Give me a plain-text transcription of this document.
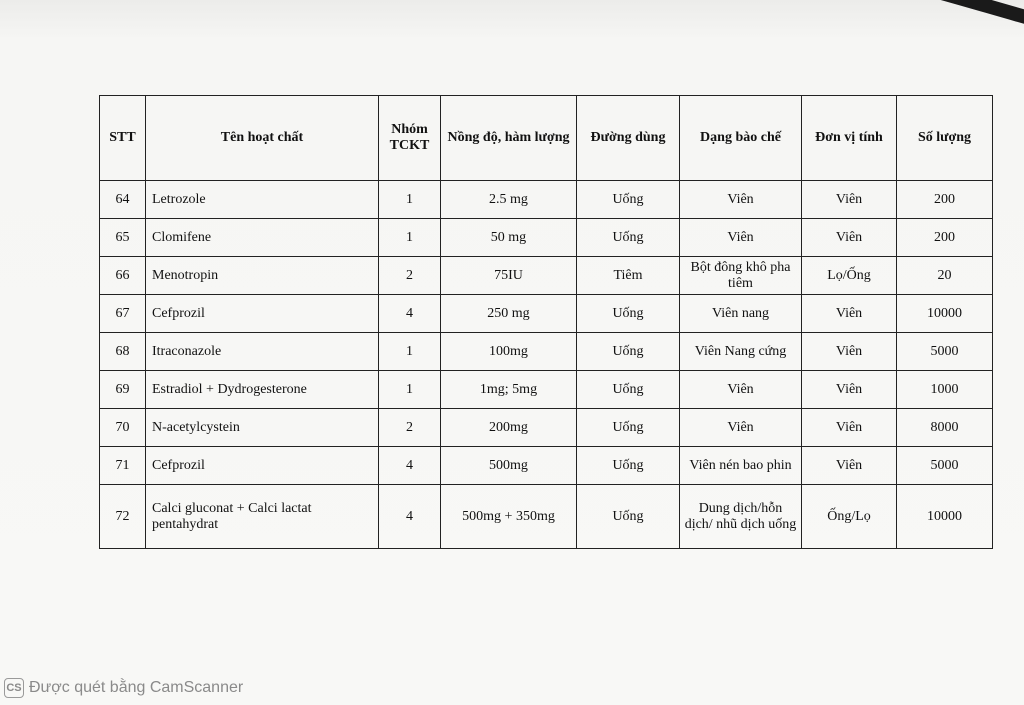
STT	Tên hoạt chất	Nhóm TCKT	Nồng độ, hàm lượng	Đường dùng	Dạng bào chế	Đơn vị tính	Số lượng
64	Letrozole	1	2.5 mg	Uống	Viên	Viên	200
65	Clomifene	1	50 mg	Uống	Viên	Viên	200
66	Menotropin	2	75IU	Tiêm	Bột đông khô pha tiêm	Lọ/Ống	20
67	Cefprozil	4	250 mg	Uống	Viên nang	Viên	10000
68	Itraconazole	1	100mg	Uống	Viên Nang cứng	Viên	5000
69	Estradiol + Dydrogesterone	1	1mg; 5mg	Uống	Viên	Viên	1000
70	N-acetylcystein	2	200mg	Uống	Viên	Viên	8000
71	Cefprozil	4	500mg	Uống	Viên nén bao phin	Viên	5000
72	Calci gluconat + Calci lactat pentahydrat	4	500mg + 350mg	Uống	Dung dịch/hỗn dịch/ nhũ dịch uống	Ống/Lọ	10000
CS Được quét bằng CamScanner
